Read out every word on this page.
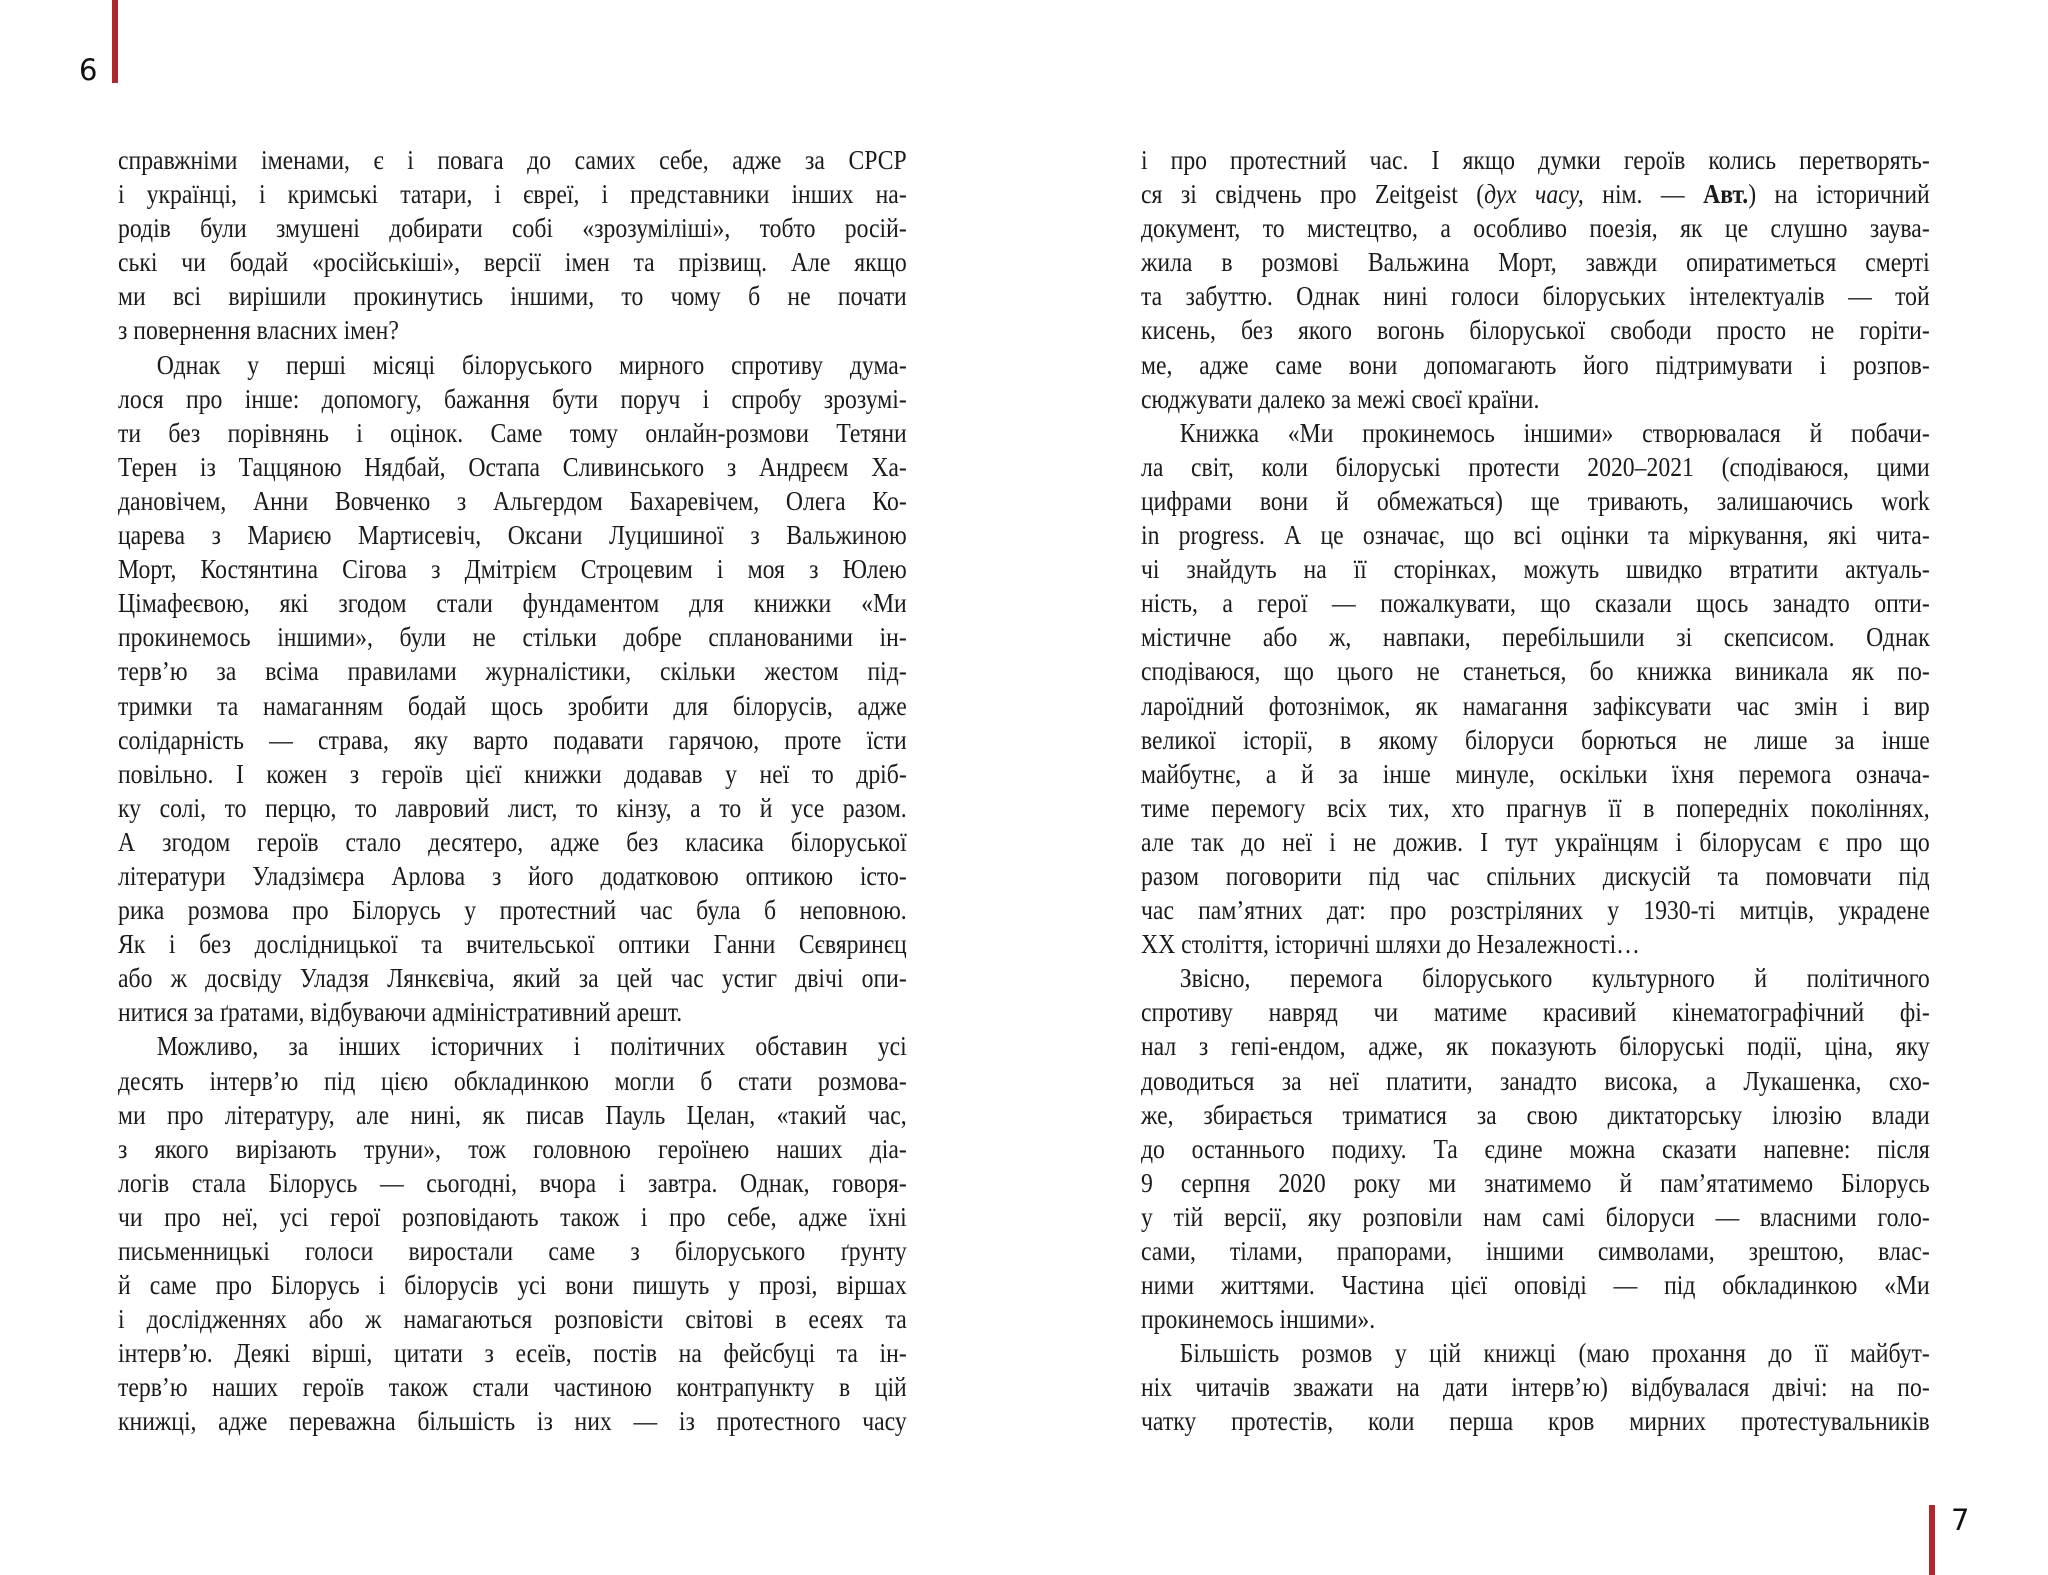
6
7
справжніми іменами, є і повага до самих себе, адже за СРСР
і українці, і кримські татари, і євреї, і представники інших на-
родів були змушені добирати собі «зрозуміліші», тобто росій-
ські чи бодай «російськіші», версії імен та прізвищ. Але якщо
ми всі вирішили прокинутись іншими, то чому б не почати
з повернення власних імен?
Однак у перші місяці білоруського мирного спротиву дума-
лося про інше: допомогу, бажання бути поруч і спробу зрозумі-
ти без порівнянь і оцінок. Саме тому онлайн-розмови Тетяни
Терен із Таццяною Нядбай, Остапа Сливинського з Андреєм Ха-
дановічем, Анни Вовченко з Альгердом Бахаревічем, Олега Ко-
царева з Мариєю Мартисевіч, Оксани Луцишиної з Вальжиною
Морт, Костянтина Сігова з Дмітрієм Строцевим і моя з Юлею
Цімафеєвою, які згодом стали фундаментом для книжки «Ми
прокинемось іншими», були не стільки добре спланованими ін-
терв’ю за всіма правилами журналістики, скільки жестом під-
тримки та намаганням бодай щось зробити для білорусів, адже
солідарність — страва, яку варто подавати гарячою, проте їсти
повільно. І кожен з героїв цієї книжки додавав у неї то дріб-
ку солі, то перцю, то лавровий лист, то кінзу, а то й усе разом.
А згодом героїв стало десятеро, адже без класика білоруської
літератури Уладзімєра Арлова з його додатковою оптикою істо-
рика розмова про Білорусь у протестний час була б неповною.
Як і без дослідницької та вчительської оптики Ганни Сєвяринєц
або ж досвіду Уладзя Лянкєвіча, який за цей час устиг двічі опи-
нитися за ґратами, відбуваючи адміністративний арешт.
Можливо, за інших історичних і політичних обставин усі
десять інтерв’ю під цією обкладинкою могли б стати розмова-
ми про літературу, але нині, як писав Пауль Целан, «такий час,
з якого вирізають труни», тож головною героїнею наших діа-
логів стала Білорусь — сьогодні, вчора і завтра. Однак, говоря-
чи про неї, усі герої розповідають також і про себе, адже їхні
письменницькі голоси виростали саме з білоруського ґрунту
й саме про Білорусь і білорусів усі вони пишуть у прозі, віршах
і дослідженнях або ж намагаються розповісти світові в есеях та
інтерв’ю. Деякі вірші, цитати з есеїв, постів на фейсбуці та ін-
терв’ю наших героїв також стали частиною контрапункту в цій
книжці, адже переважна більшість із них — із протестного часу
і про протестний час. І якщо думки героїв колись перетворять-
ся зі свідчень про Zeitgeist (дух часу, нім. — Авт.) на історичний
документ, то мистецтво, а особливо поезія, як це слушно заува-
жила в розмові Вальжина Морт, завжди опиратиметься смерті
та забуттю. Однак нині голоси білоруських інтелектуалів — той
кисень, без якого вогонь білоруської свободи просто не горіти-
ме, адже саме вони допомагають його підтримувати і розпов-
сюджувати далеко за межі своєї країни.
Книжка «Ми прокинемось іншими» створювалася й побачи-
ла світ, коли білоруські протести 2020–2021 (сподіваюся, цими
цифрами вони й обмежаться) ще тривають, залишаючись work
in progress. А це означає, що всі оцінки та міркування, які чита-
чі знайдуть на її сторінках, можуть швидко втратити актуаль-
ність, а герої — пожалкувати, що сказали щось занадто опти-
містичне або ж, навпаки, перебільшили зі скепсисом. Однак
сподіваюся, що цього не станеться, бо книжка виникала як по-
лароїдний фотознімок, як намагання зафіксувати час змін і вир
великої історії, в якому білоруси борються не лише за інше
майбутнє, а й за інше минуле, оскільки їхня перемога означа-
тиме перемогу всіх тих, хто прагнув її в попередніх поколіннях,
але так до неї і не дожив. І тут українцям і білорусам є про що
разом поговорити під час спільних дискусій та помовчати під
час пам’ятних дат: про розстріляних у 1930-ті митців, украдене
XX століття, історичні шляхи до Незалежності…
Звісно, перемога білоруського культурного й політичного
спротиву навряд чи матиме красивий кінематографічний фі-
нал з гепі-ендом, адже, як показують білоруські події, ціна, яку
доводиться за неї платити, занадто висока, а Лукашенка, схо-
же, збирається триматися за свою диктаторську ілюзію влади
до останнього подиху. Та єдине можна сказати напевне: після
9 серпня 2020 року ми знатимемо й пам’ятатимемо Білорусь
у тій версії, яку розповіли нам самі білоруси — власними голо-
сами, тілами, прапорами, іншими символами, зрештою, влас-
ними життями. Частина цієї оповіді — під обкладинкою «Ми
прокинемось іншими».
Більшість розмов у цій книжці (маю прохання до її майбут-
ніх читачів зважати на дати інтерв’ю) відбувалася двічі: на по-
чатку протестів, коли перша кров мирних протестувальників
